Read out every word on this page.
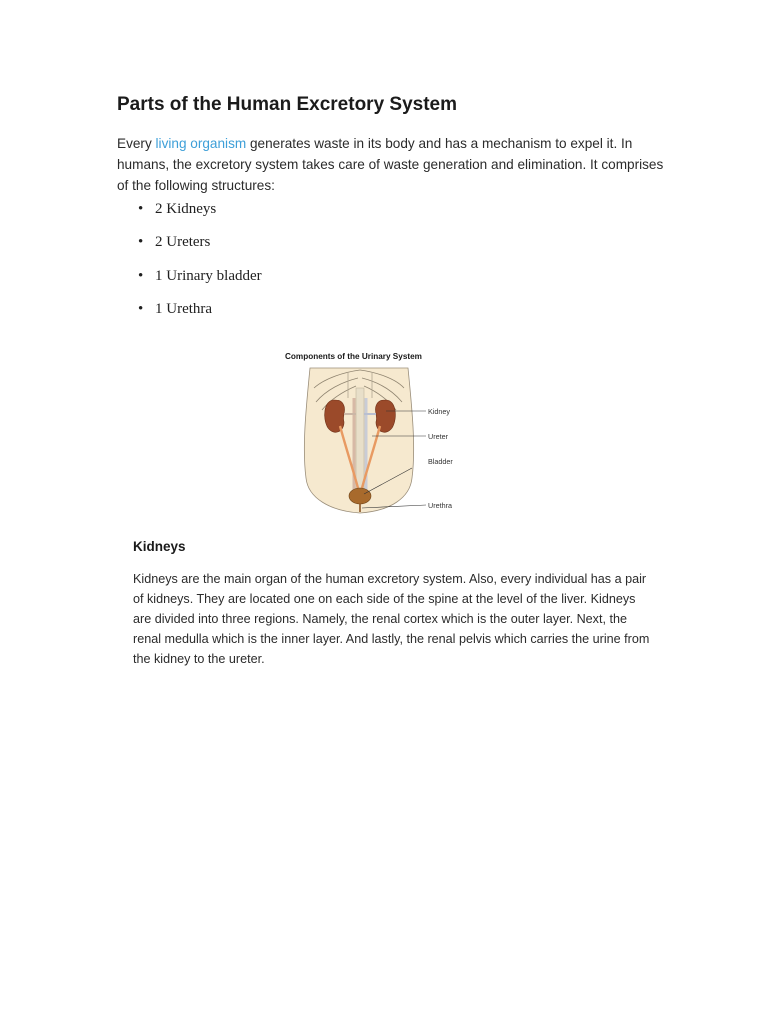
Parts of the Human Excretory System

Every living organism generates waste in its body and has a mechanism to expel it. In humans, the excretory system takes care of waste generation and elimination. It comprises of the following structures:

• 2 Kidneys
• 2 Ureters
• 1 Urinary bladder
• 1 Urethra
Components of the Urinary System
Kidney
Ureter
Bladder
Urethra
Kidneys

Kidneys are the main organ of the human excretory system. Also, every individual has a pair of kidneys. They are located one on each side of the spine at the level of the liver. Kidneys are divided into three regions. Namely, the renal cortex which is the outer layer. Next, the renal medulla which is the inner layer. And lastly, the renal pelvis which carries the urine from the kidney to the ureter.
